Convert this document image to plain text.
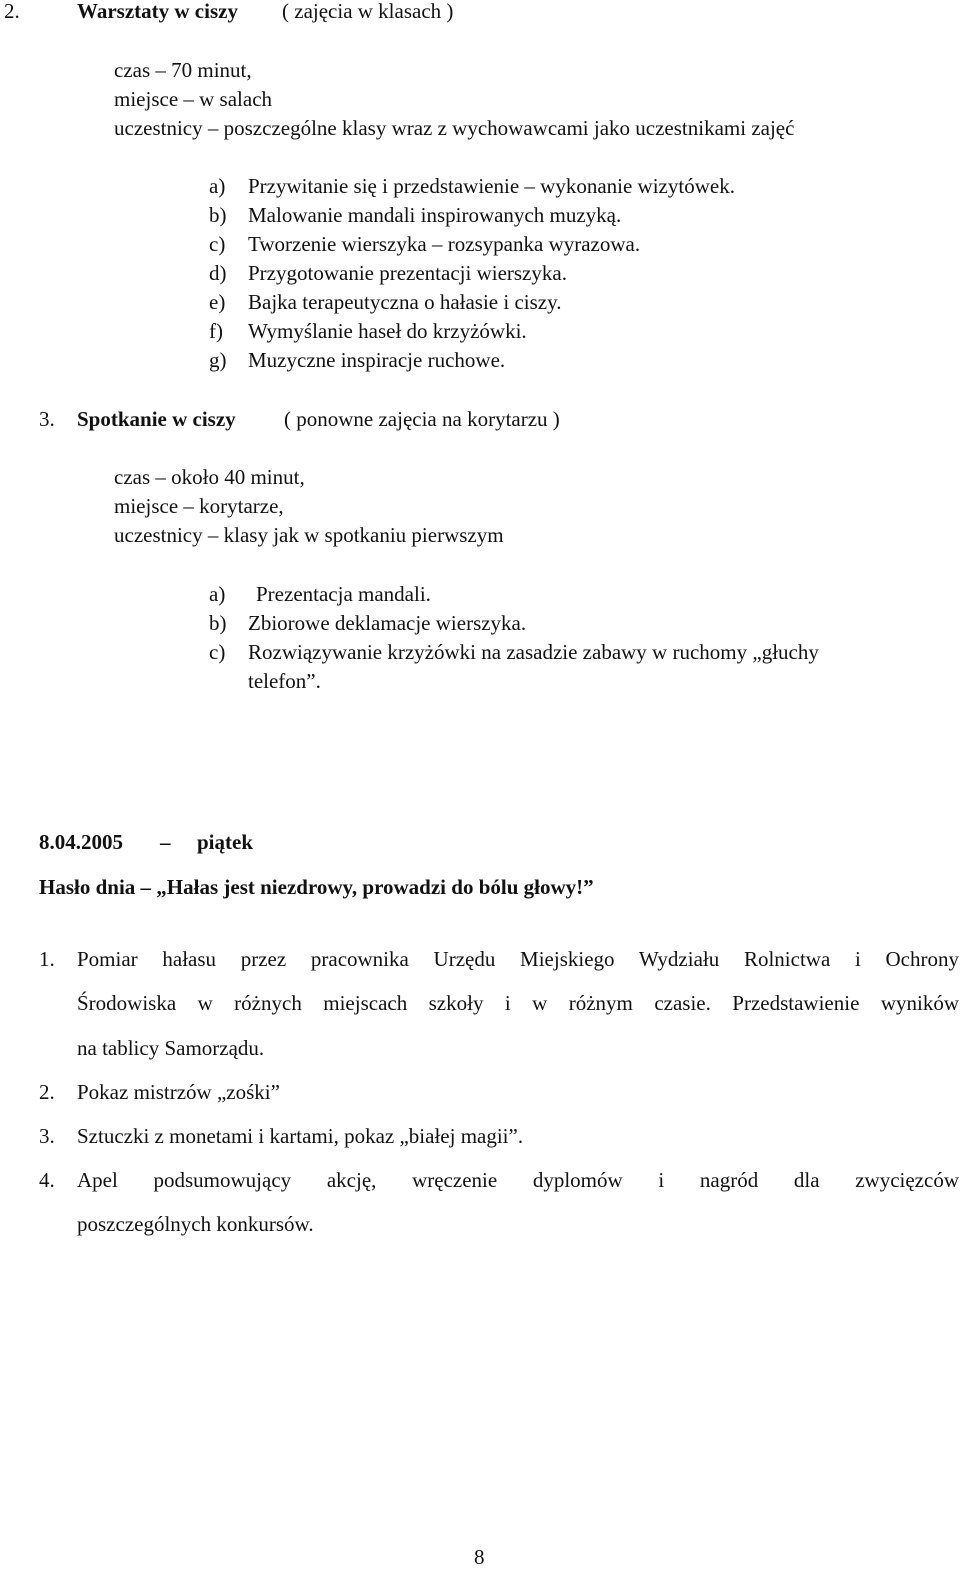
2.	Warsztaty w ciszy ( zajęcia w klasach )
czas – 70 minut,
miejsce – w salach
uczestnicy – poszczególne klasy wraz z wychowawcami jako uczestnikami zajęć
a) Przywitanie się i przedstawienie – wykonanie wizytówek.
b) Malowanie mandali inspirowanych muzyką.
c) Tworzenie wierszyka – rozsypanka wyrazowa.
d) Przygotowanie prezentacji wierszyka.
e) Bajka terapeutyczna o hałasie i ciszy.
f) Wymyślanie haseł do krzyżówki.
g) Muzyczne inspiracje ruchowe.
3. Spotkanie w ciszy ( ponowne zajęcia na korytarzu )
czas – około 40 minut,
miejsce – korytarze,
uczestnicy – klasy jak w spotkaniu pierwszym
a) Prezentacja mandali.
b) Zbiorowe deklamacje wierszyka.
c) Rozwiązywanie krzyżówki na zasadzie zabawy w ruchomy „głuchy
telefon”.
8.04.2005 – piątek
Hasło dnia – „Hałas jest niezdrowy, prowadzi do bólu głowy!”
1. Pomiar hałasu przez pracownika Urzędu Miejskiego Wydziału Rolnictwa i Ochrony
Środowiska w różnych miejscach szkoły i w różnym czasie. Przedstawienie wyników
na tablicy Samorządu.
2. Pokaz mistrzów „zośki”
3. Sztuczki z monetami i kartami, pokaz „białej magii”.
4. Apel podsumowujący akcję, wręczenie dyplomów i nagród dla zwycięzców
poszczególnych konkursów.
8
